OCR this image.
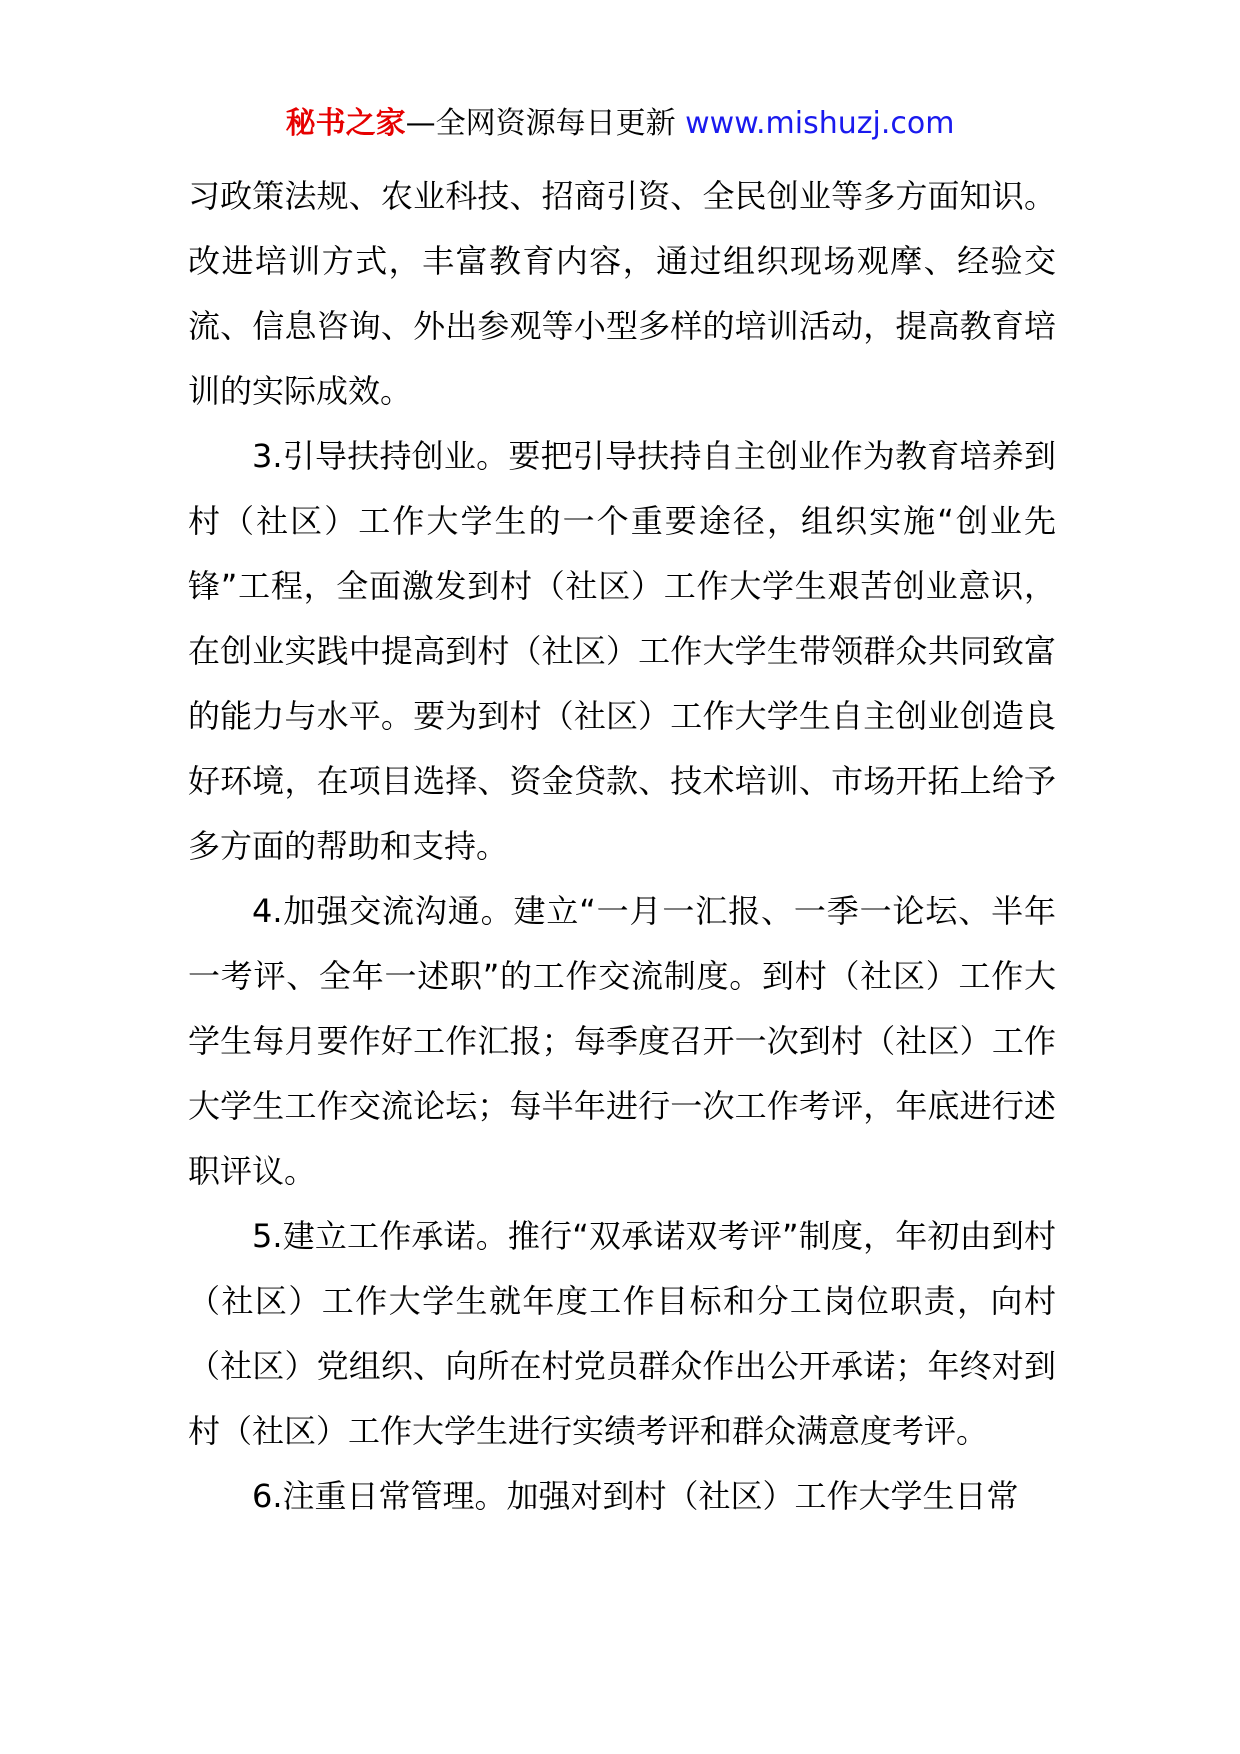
秘书之家—全网资源每日更新 www.mishuzj.com

习政策法规、农业科技、招商引资、全民创业等多方面知识。改进培训方式，丰富教育内容，通过组织现场观摩、经验交流、信息咨询、外出参观等小型多样的培训活动，提高教育培训的实际成效。

3.引导扶持创业。要把引导扶持自主创业作为教育培养到村（社区）工作大学生的一个重要途径，组织实施“创业先锋”工程，全面激发到村（社区）工作大学生艰苦创业意识，在创业实践中提高到村（社区）工作大学生带领群众共同致富的能力与水平。要为到村（社区）工作大学生自主创业创造良好环境，在项目选择、资金贷款、技术培训、市场开拓上给予多方面的帮助和支持。

4.加强交流沟通。建立“一月一汇报、一季一论坛、半年一考评、全年一述职”的工作交流制度。到村（社区）工作大学生每月要作好工作汇报；每季度召开一次到村（社区）工作大学生工作交流论坛；每半年进行一次工作考评，年底进行述职评议。

5.建立工作承诺。推行“双承诺双考评”制度，年初由到村（社区）工作大学生就年度工作目标和分工岗位职责，向村（社区）党组织、向所在村党员群众作出公开承诺；年终对到村（社区）工作大学生进行实绩考评和群众满意度考评。

6.注重日常管理。加强对到村（社区）工作大学生日常
